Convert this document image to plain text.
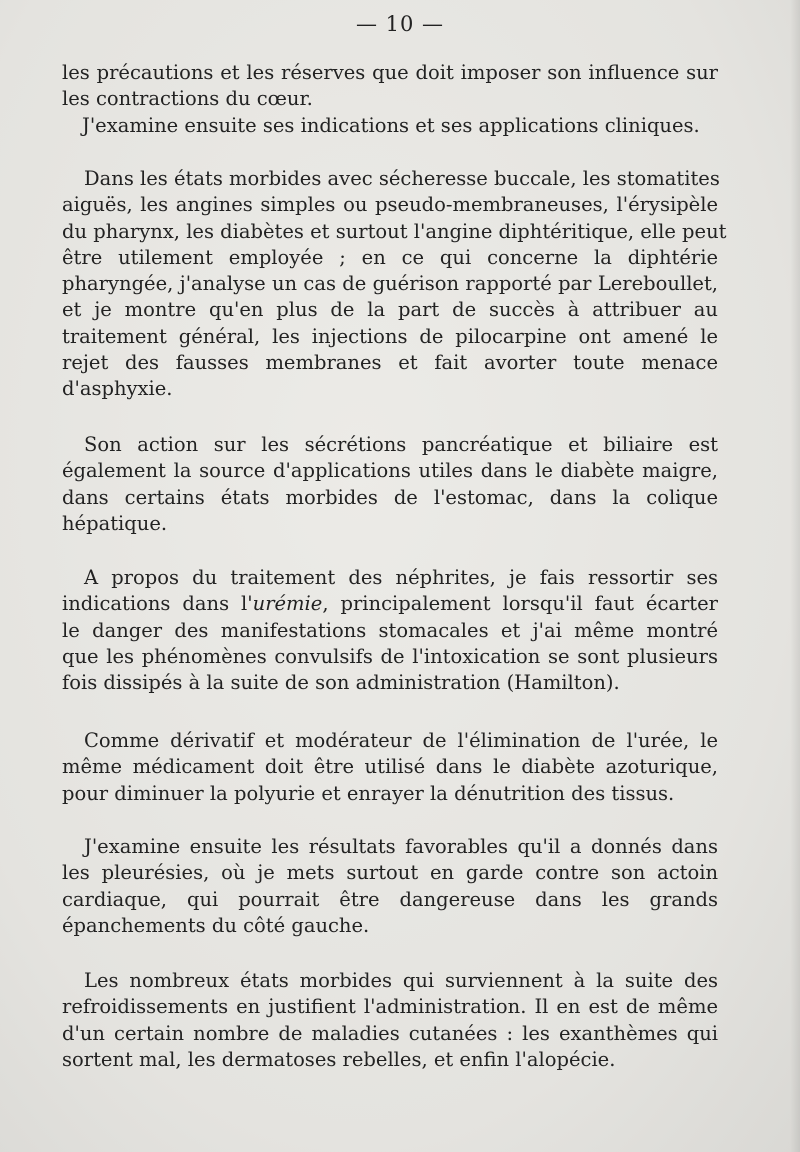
— 10 —

les précautions et les réserves que doit imposer son influence sur
les contractions du cœur.

J'examine ensuite ses indications et ses applications cliniques.

Dans les états morbides avec sécheresse buccale, les stomatites
aiguës, les angines simples ou pseudo-membraneuses, l'érysipèle
du pharynx, les diabètes et surtout l'angine diphtéritique, elle peut
être utilement employée ; en ce qui concerne la diphtérie
pharyngée, j'analyse un cas de guérison rapporté par Lereboullet,
et je montre qu'en plus de la part de succès à attribuer au
traitement général, les injections de pilocarpine ont amené le
rejet des fausses membranes et fait avorter toute menace
d'asphyxie.

Son action sur les sécrétions pancréatique et biliaire est
également la source d'applications utiles dans le diabète maigre,
dans certains états morbides de l'estomac, dans la colique
hépatique.

A propos du traitement des néphrites, je fais ressortir ses
indications dans l'urémie, principalement lorsqu'il faut écarter
le danger des manifestations stomacales et j'ai même montré
que les phénomènes convulsifs de l'intoxication se sont plusieurs
fois dissipés à la suite de son administration (Hamilton).

Comme dérivatif et modérateur de l'élimination de l'urée, le
même médicament doit être utilisé dans le diabète azoturique,
pour diminuer la polyurie et enrayer la dénutrition des tissus.

J'examine ensuite les résultats favorables qu'il a donnés dans
les pleurésies, où je mets surtout en garde contre son actoin
cardiaque, qui pourrait être dangereuse dans les grands
épanchements du côté gauche.

Les nombreux états morbides qui surviennent à la suite des
refroidissements en justifient l'administration. Il en est de même
d'un certain nombre de maladies cutanées : les exanthèmes qui
sortent mal, les dermatoses rebelles, et enfin l'alopécie.
